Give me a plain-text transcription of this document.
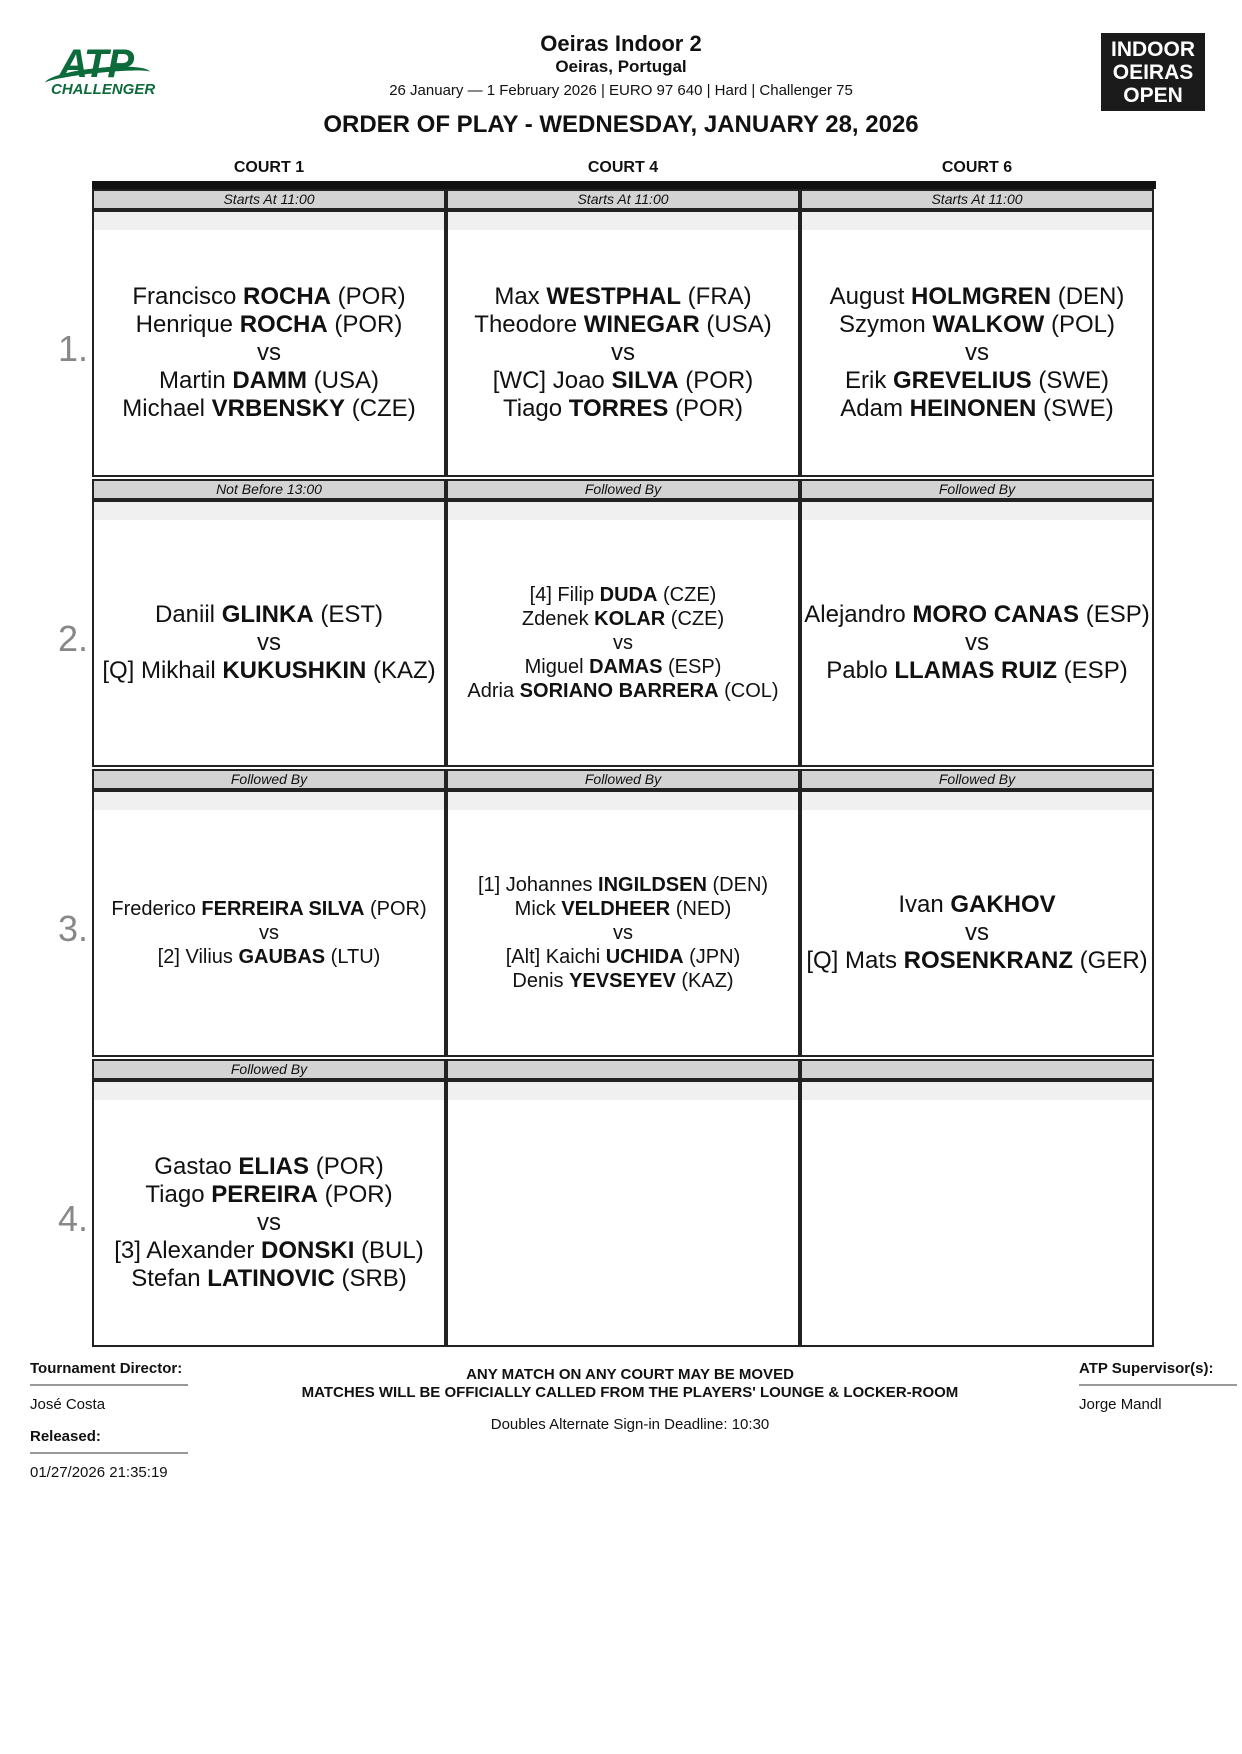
ATP
CHALLENGER
Oeiras Indoor 2
Oeiras, Portugal
26 January — 1 February 2026 | EURO 97 640 | Hard | Challenger 75
INDOOR
OEIRAS
OPEN
ORDER OF PLAY - WEDNESDAY, JANUARY 28, 2026
COURT 1	COURT 4	COURT 6
1.
Starts At 11:00
Francisco ROCHA (POR)
Henrique ROCHA (POR)
vs
Martin DAMM (USA)
Michael VRBENSKY (CZE)
Starts At 11:00
Max WESTPHAL (FRA)
Theodore WINEGAR (USA)
vs
[WC] Joao SILVA (POR)
Tiago TORRES (POR)
Starts At 11:00
August HOLMGREN (DEN)
Szymon WALKOW (POL)
vs
Erik GREVELIUS (SWE)
Adam HEINONEN (SWE)
2.
Not Before 13:00
Daniil GLINKA (EST)
vs
[Q] Mikhail KUKUSHKIN (KAZ)
Followed By
[4] Filip DUDA (CZE)
Zdenek KOLAR (CZE)
vs
Miguel DAMAS (ESP)
Adria SORIANO BARRERA (COL)
Followed By
Alejandro MORO CANAS (ESP)
vs
Pablo LLAMAS RUIZ (ESP)
3.
Followed By
Frederico FERREIRA SILVA (POR)
vs
[2] Vilius GAUBAS (LTU)
Followed By
[1] Johannes INGILDSEN (DEN)
Mick VELDHEER (NED)
vs
[Alt] Kaichi UCHIDA (JPN)
Denis YEVSEYEV (KAZ)
Followed By
Ivan GAKHOV
vs
[Q] Mats ROSENKRANZ (GER)
4.
Followed By
Gastao ELIAS (POR)
Tiago PEREIRA (POR)
vs
[3] Alexander DONSKI (BUL)
Stefan LATINOVIC (SRB)
Tournament Director:
José Costa
Released:
01/27/2026 21:35:19
ANY MATCH ON ANY COURT MAY BE MOVED
MATCHES WILL BE OFFICIALLY CALLED FROM THE PLAYERS' LOUNGE & LOCKER-ROOM
Doubles Alternate Sign-in Deadline: 10:30
ATP Supervisor(s):
Jorge Mandl
